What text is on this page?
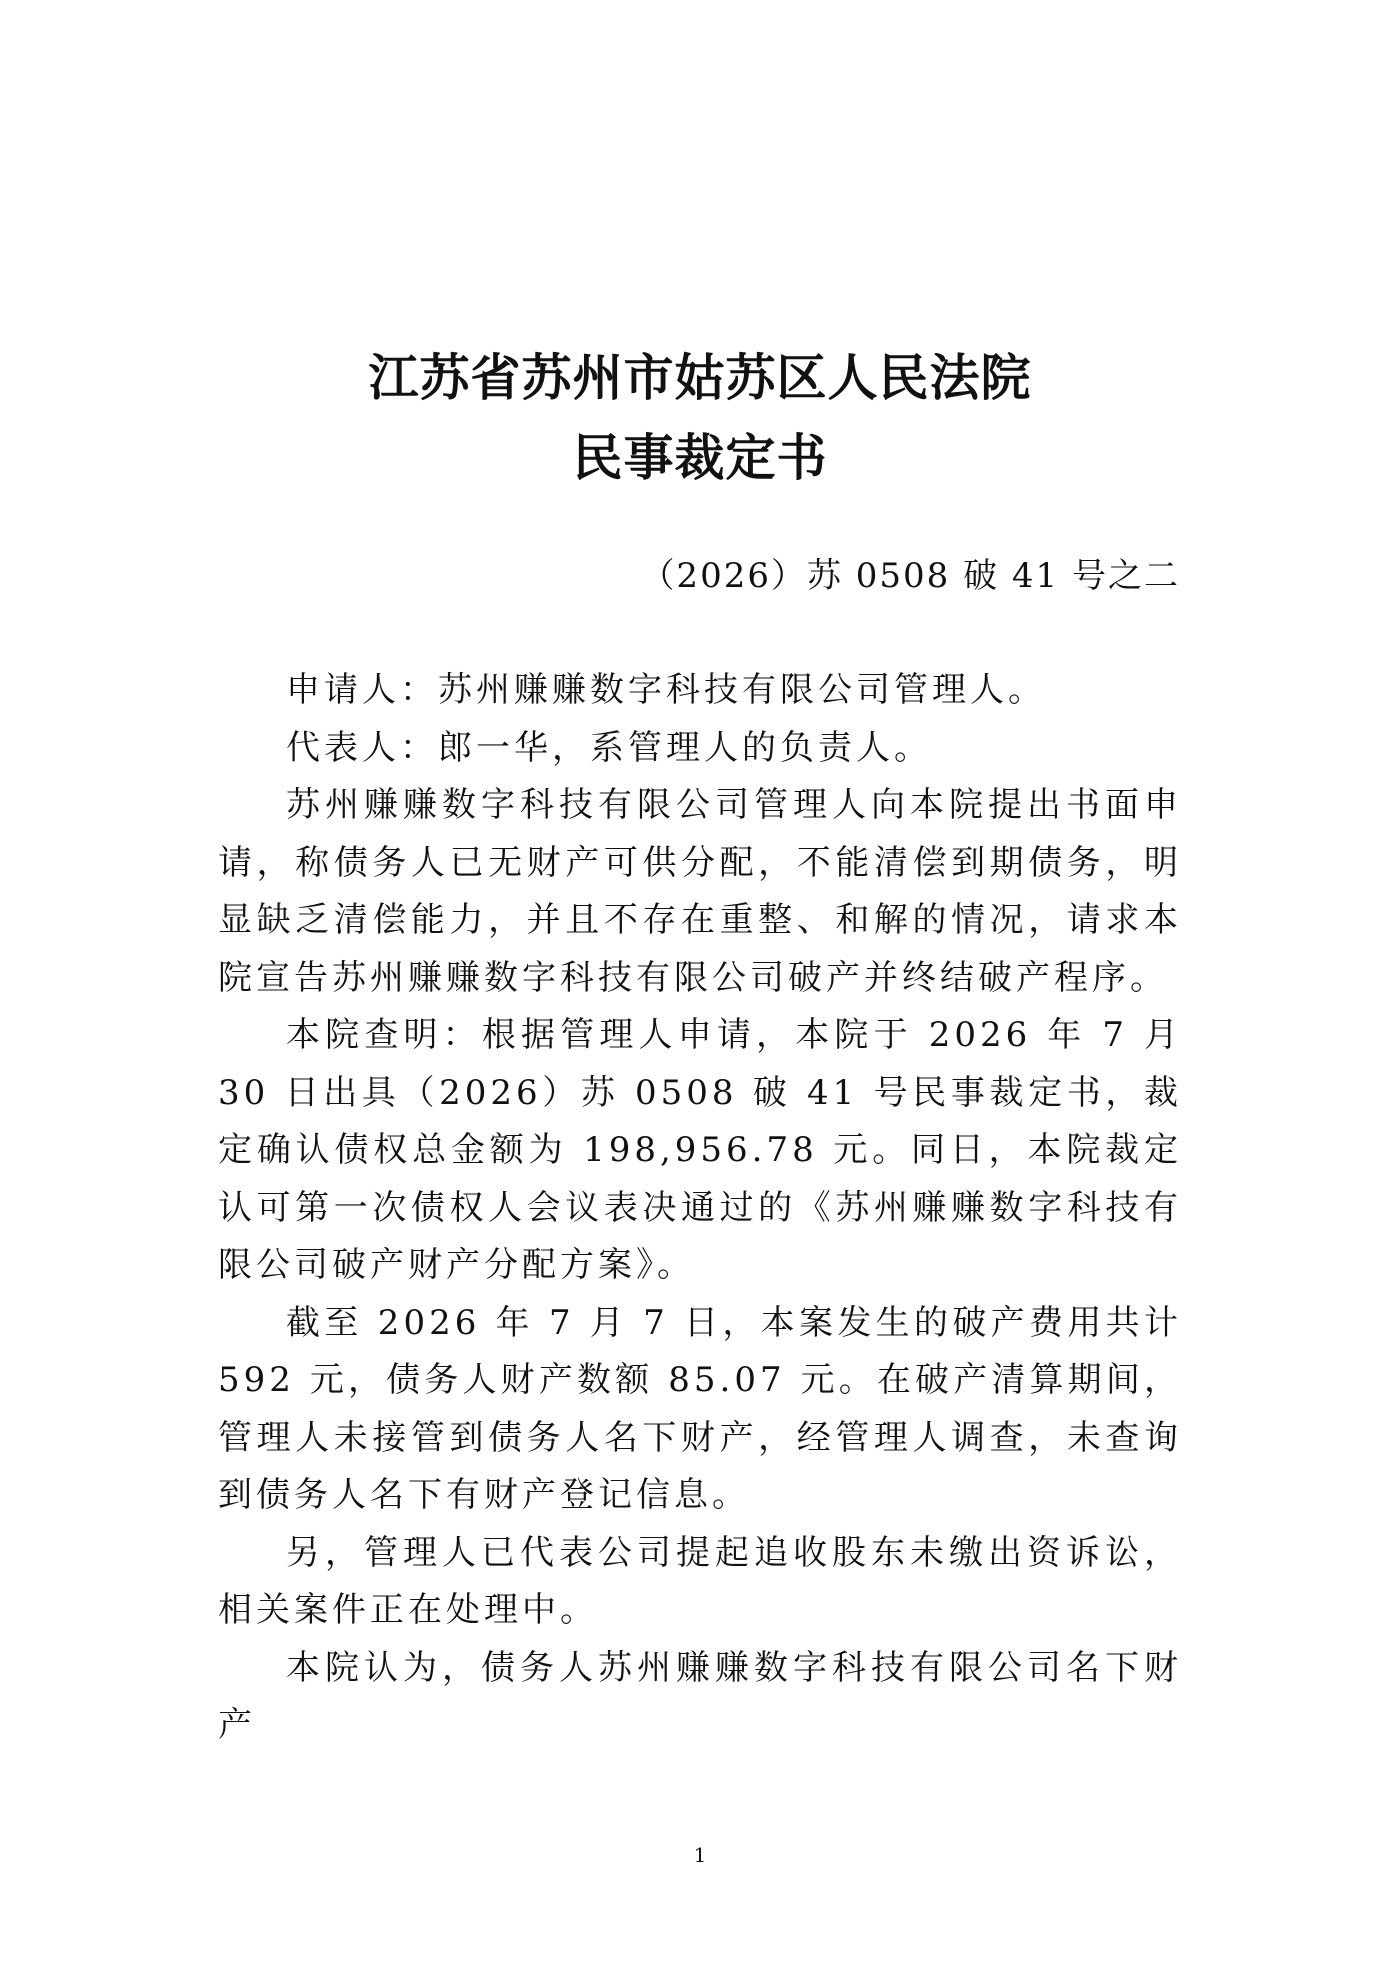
江苏省苏州市姑苏区人民法院
民事裁定书
（2026）苏 0508 破 41 号之二

申请人：苏州赚赚数字科技有限公司管理人。

代表人：郎一华，系管理人的负责人。

苏州赚赚数字科技有限公司管理人向本院提出书面申请，称债务人已无财产可供分配，不能清偿到期债务，明显缺乏清偿能力，并且不存在重整、和解的情况，请求本院宣告苏州赚赚数字科技有限公司破产并终结破产程序。

本院查明：根据管理人申请，本院于 2026 年 7 月 30 日出具（2026）苏 0508 破 41 号民事裁定书，裁定确认债权总金额为 198,956.78 元。同日，本院裁定认可第一次债权人会议表决通过的《苏州赚赚数字科技有限公司破产财产分配方案》。

截至 2026 年 7 月 7 日，本案发生的破产费用共计 592 元，债务人财产数额 85.07 元。在破产清算期间，管理人未接管到债务人名下财产，经管理人调查，未查询到债务人名下有财产登记信息。

另，管理人已代表公司提起追收股东未缴出资诉讼，相关案件正在处理中。

本院认为，债务人苏州赚赚数字科技有限公司名下财产

1
